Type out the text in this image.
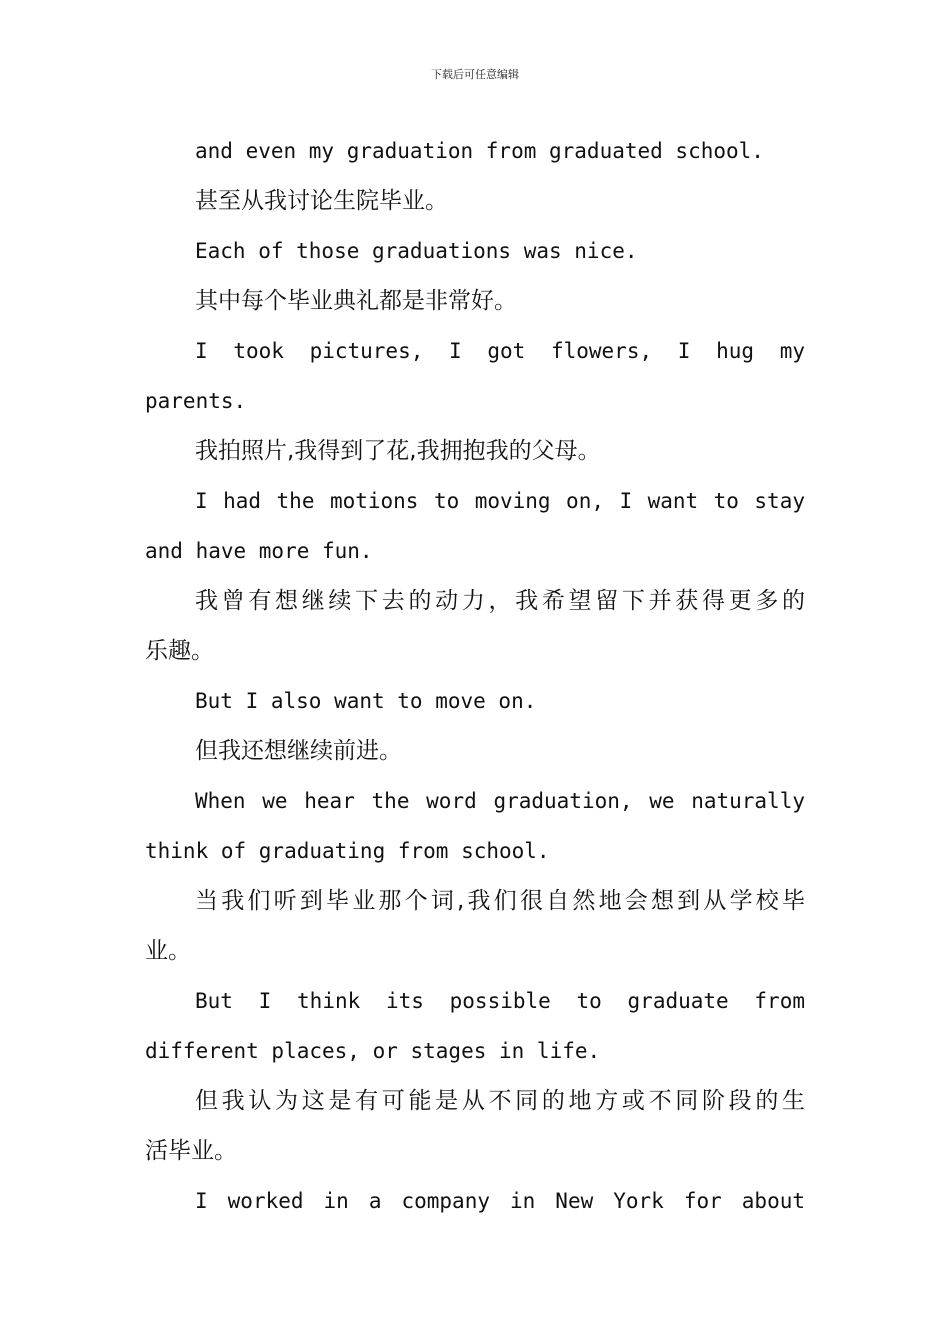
下载后可任意编辑
and even my graduation from graduated school.
甚至从我讨论生院毕业。
Each of those graduations was nice.
其中每个毕业典礼都是非常好。
I took pictures, I got flowers, I hug my
parents.
我拍照片,我得到了花,我拥抱我的父母。
I had the motions to moving on, I want to stay
and have more fun.
我曾有想继续下去的动力，我希望留下并获得更多的
乐趣。
But I also want to move on.
但我还想继续前进。
When we hear the word graduation, we naturally
think of graduating from school.
当我们听到毕业那个词,我们很自然地会想到从学校毕
业。
But I think its possible to graduate from
different places, or stages in life.
但我认为这是有可能是从不同的地方或不同阶段的生
活毕业。
I worked in a company in New York for about
